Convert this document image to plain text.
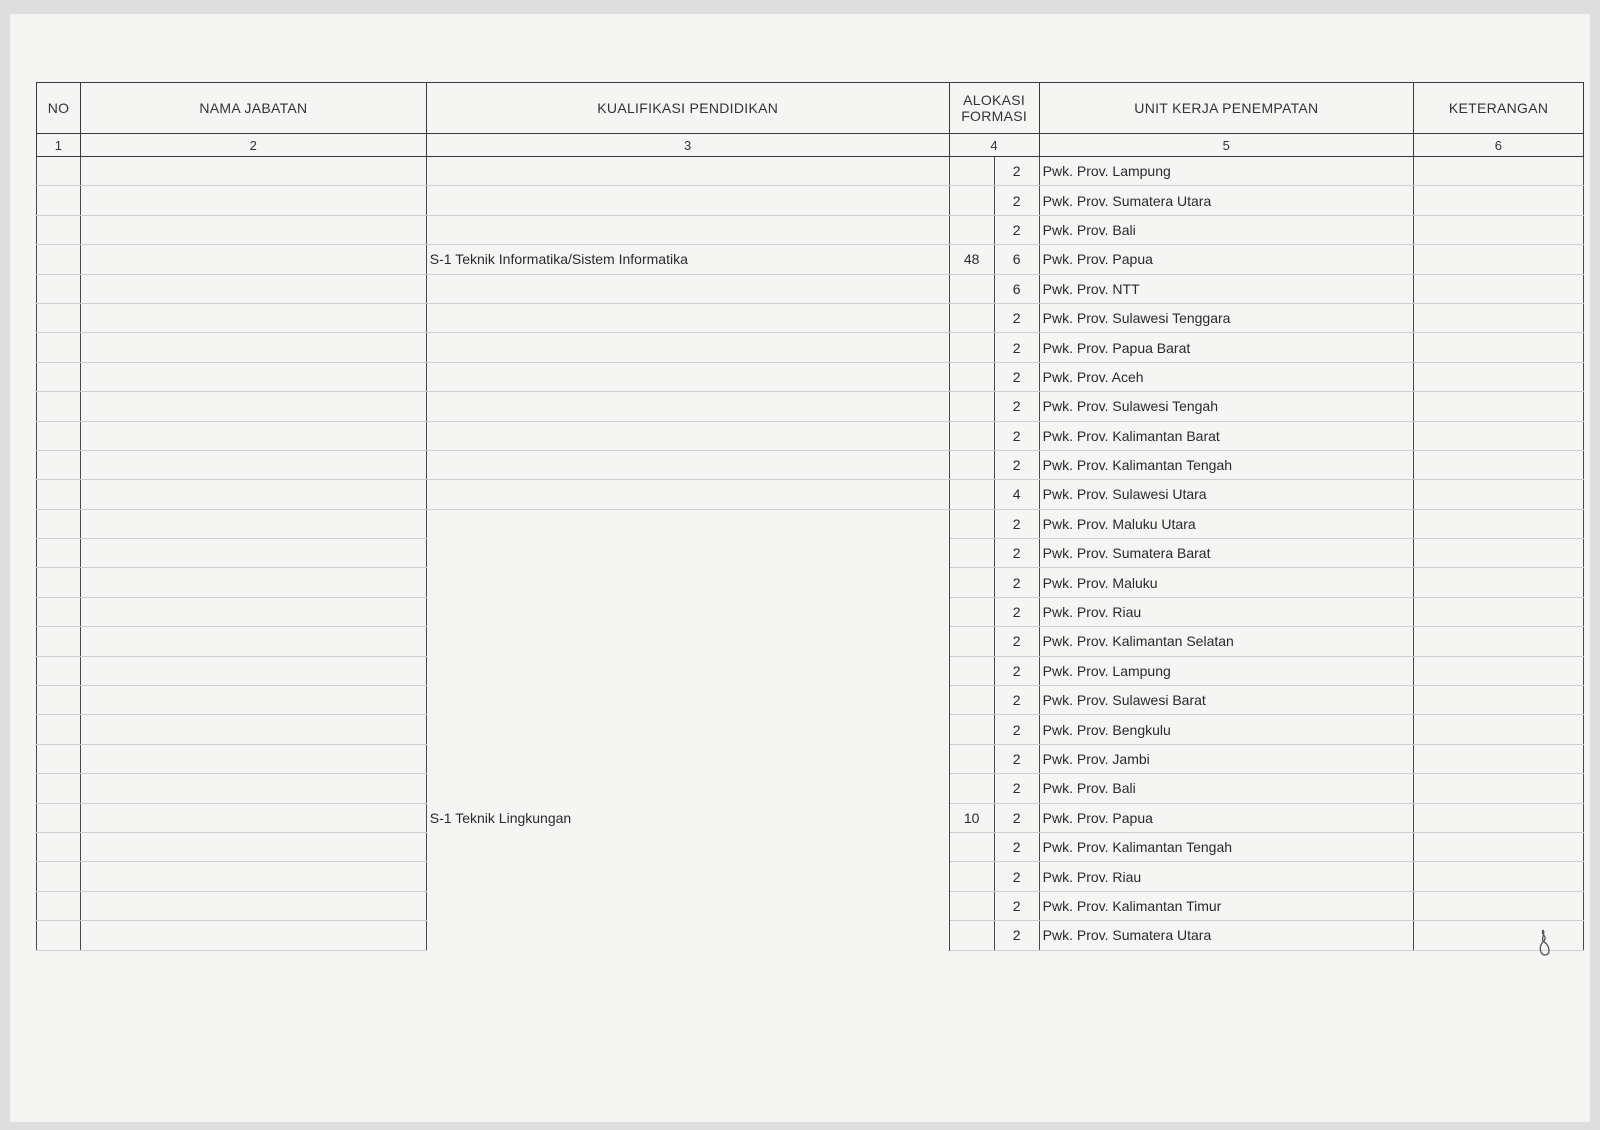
NO	NAMA JABATAN	KUALIFIKASI PENDIDIKAN	ALOKASI
FORMASI		UNIT KERJA PENEMPATAN	KETERANGAN
1	2	3	4		5	6
				2	Pwk. Prov. Lampung	
				2	Pwk. Prov. Sumatera Utara	
				2	Pwk. Prov. Bali	
		S-1 Teknik Informatika/Sistem Informatika	48	6	Pwk. Prov. Papua	
				6	Pwk. Prov. NTT	
				2	Pwk. Prov. Sulawesi Tenggara	
				2	Pwk. Prov. Papua Barat	
				2	Pwk. Prov. Aceh	
				2	Pwk. Prov. Sulawesi Tengah	
				2	Pwk. Prov. Kalimantan Barat	
				2	Pwk. Prov. Kalimantan Tengah	
				4	Pwk. Prov. Sulawesi Utara	
				2	Pwk. Prov. Maluku Utara	
				2	Pwk. Prov. Sumatera Barat	
				2	Pwk. Prov. Maluku	
				2	Pwk. Prov. Riau	
				2	Pwk. Prov. Kalimantan Selatan	
				2	Pwk. Prov. Lampung	
				2	Pwk. Prov. Sulawesi Barat	
				2	Pwk. Prov. Bengkulu	
				2	Pwk. Prov. Jambi	
				2	Pwk. Prov. Bali	
		S-1 Teknik Lingkungan	10	2	Pwk. Prov. Papua	
				2	Pwk. Prov. Kalimantan Tengah	
				2	Pwk. Prov. Riau	
				2	Pwk. Prov. Kalimantan Timur	
				2	Pwk. Prov. Sumatera Utara	
